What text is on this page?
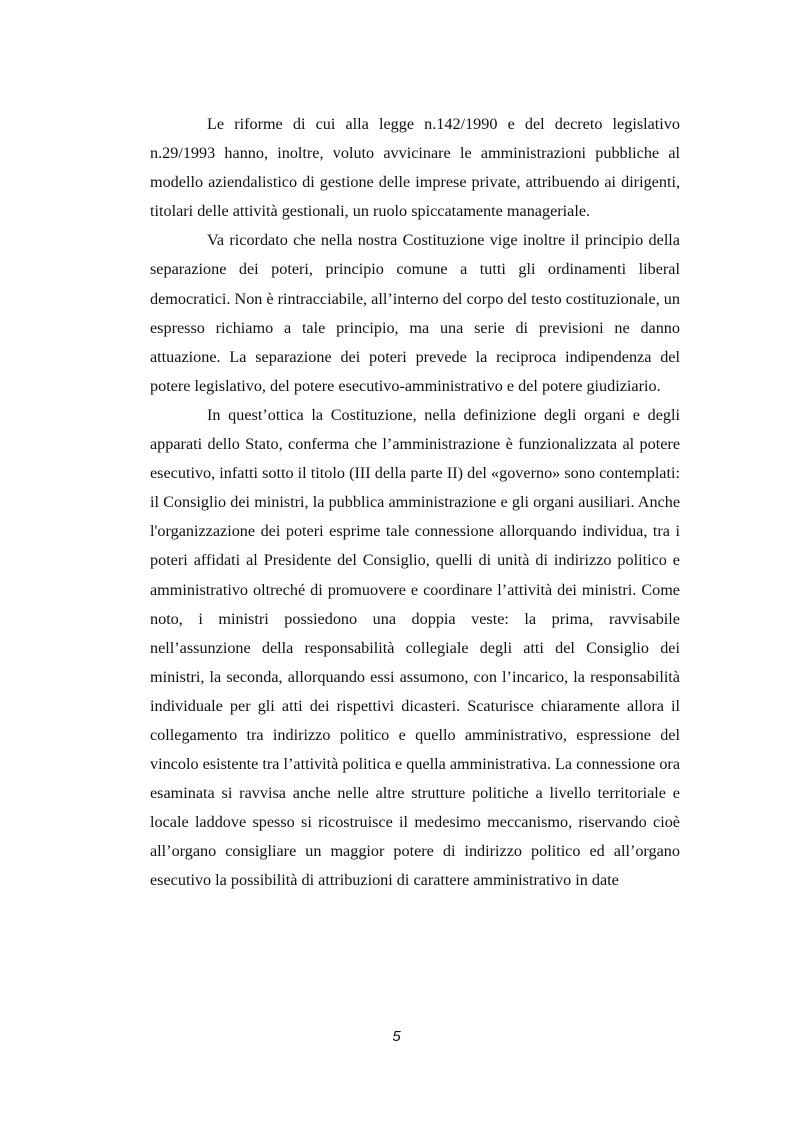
Le riforme di cui alla legge n.142/1990 e del decreto legislativo n.29/1993 hanno, inoltre, voluto avvicinare le amministrazioni pubbliche al modello aziendalistico di gestione delle imprese private, attribuendo ai dirigenti, titolari delle attività gestionali, un ruolo spiccatamente manageriale.

Va ricordato che nella nostra Costituzione vige inoltre il principio della separazione dei poteri, principio comune a tutti gli ordinamenti liberal democratici. Non è rintracciabile, all’interno del corpo del testo costituzionale, un espresso richiamo a tale principio, ma una serie di previsioni ne danno attuazione. La separazione dei poteri prevede la reciproca indipendenza del potere legislativo, del potere esecutivo-amministrativo e del potere giudiziario.

In quest’ottica la Costituzione, nella definizione degli organi e degli apparati dello Stato, conferma che l’amministrazione è funzionalizzata al potere esecutivo, infatti sotto il titolo (III della parte II) del «governo» sono contemplati: il Consiglio dei ministri, la pubblica amministrazione e gli organi ausiliari. Anche l'organizzazione dei poteri esprime tale connessione allorquando individua, tra i poteri affidati al Presidente del Consiglio, quelli di unità di indirizzo politico e amministrativo oltreché di promuovere e coordinare l’attività dei ministri. Come noto, i ministri possiedono una doppia veste: la prima, ravvisabile nell’assunzione della responsabilità collegiale degli atti del Consiglio dei ministri, la seconda, allorquando essi assumono, con l’incarico, la responsabilità individuale per gli atti dei rispettivi dicasteri. Scaturisce chiaramente allora il collegamento tra indirizzo politico e quello amministrativo, espressione del vincolo esistente tra l’attività politica e quella amministrativa. La connessione ora esaminata si ravvisa anche nelle altre strutture politiche a livello territoriale e locale laddove spesso si ricostruisce il medesimo meccanismo, riservando cioè all’organo consigliare un maggior potere di indirizzo politico ed all’organo esecutivo la possibilità di attribuzioni di carattere amministrativo in date

5
